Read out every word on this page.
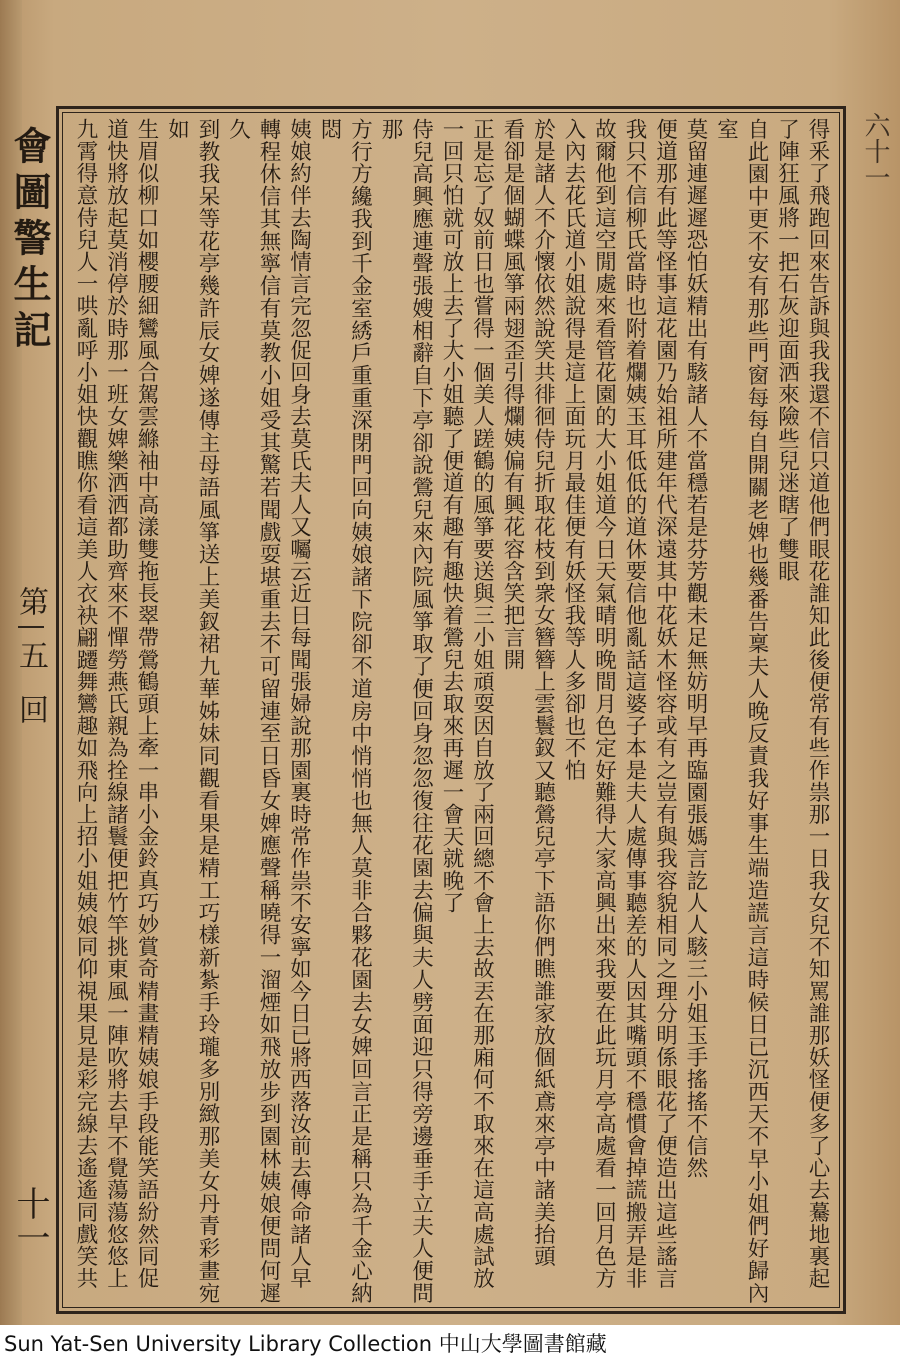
六十一
會圖警生記
第五回
十一	得釆了飛跑回來告訴與我我還不信只道他們眼花誰知此後便常有些作祟那一日我女兒不知罵誰那妖怪便多了心去驀地裏起

了陣狂風將一把石灰迎面洒來險些兒迷瞎了雙眼

自此園中更不安有那些門窗每每自開關老婢也幾番告稟夫人晚反責我好事生端造謊言這時候日已沉西天不早小姐們好歸內室

莫留連遲遲恐怕妖精出有駭諸人不當穩若是芬芳觀未足無妨明早再臨園張媽言訖人人駭三小姐玉手搖搖不信然

便道那有此等怪事這花園乃始祖所建年代深遠其中花妖木怪容或有之豈有與我容貌相同之理分明係眼花了便造出這些謠言

我只不信柳氏當時也附着爛姨玉耳低低的道休要信他亂話這婆子本是夫人處傳事聽差的人因其嘴頭不穩慣會掉謊搬弄是非

故爾他到這空閒處來看管花園的大小姐道今日天氣晴明晚間月色定好難得大家高興出來我要在此玩月亭高處看一回月色方

入內去花氏道小姐說得是這上面玩月最佳便有妖怪我等人多卻也不怕

於是諸人不介懷依然說笑共徘徊侍兒折取花枝到衆女簪簪上雲鬟釵又聽鶯兒亭下語你們瞧誰家放個紙鳶來亭中諸美抬頭

看卻是個蝴蝶風箏兩翅歪引得爛姨偏有興花容含笑把言開

正是忘了奴前日也嘗得一個美人蹉鶴的風箏要送與三小姐頑耍因自放了兩回總不會上去故丟在那廂何不取來在這高處試放

一回只怕就可放上去了大小姐聽了便道有趣有趣快着鶯兒去取來再遲一會天就晚了

侍兒高興應連聲張嫂相辭自下亭卻說鶯兒來內院風箏取了便回身忽忽復往花園去偏與夫人劈面迎只得旁邊垂手立夫人便問那

方行方纔我到千金室綉戶重重深閉門回向姨娘諸下院卻不道房中悄悄也無人莫非合夥花園去女婢回言正是稱只為千金心納悶

姨娘約伴去陶情言完忽促回身去莫氏夫人又囑云近日每聞張婦說那園裏時常作祟不安寧如今日已將西落汝前去傳命諸人早

轉程休信其無寧信有莫教小姐受其驚若聞戲耍堪重去不可留連至日昏女婢應聲稱曉得一溜煙如飛放步到園林姨娘便問何遲久

到教我呆等花亭幾許辰女婢遂傳主母語風箏送上美釵裙九華姊妹同觀看果是精工巧樣新紮手玲瓏多別緻那美女丹青彩畫宛如

生眉似柳口如櫻腰細鸞風合駕雲縧袖中高漾雙拖長翠帶鶯鶴頭上牽一串小金鈴真巧妙賞奇精畫精姨娘手段能笑語紛然同促

道快將放起莫消停於時那一班女婢樂洒洒都助齊來不憚勞燕氏親為拴線諸鬟便把竹竿挑東風一陣吹將去早不覺蕩蕩悠悠上

九霄得意侍兒人一哄亂呼小姐快觀瞧你看這美人衣袂翩躚舞鸞趣如飛向上招小姐姨娘同仰視果見是彩完線去遙遙同戲笑共

Sun Yat-Sen University Library Collection 中山大學圖書館藏
